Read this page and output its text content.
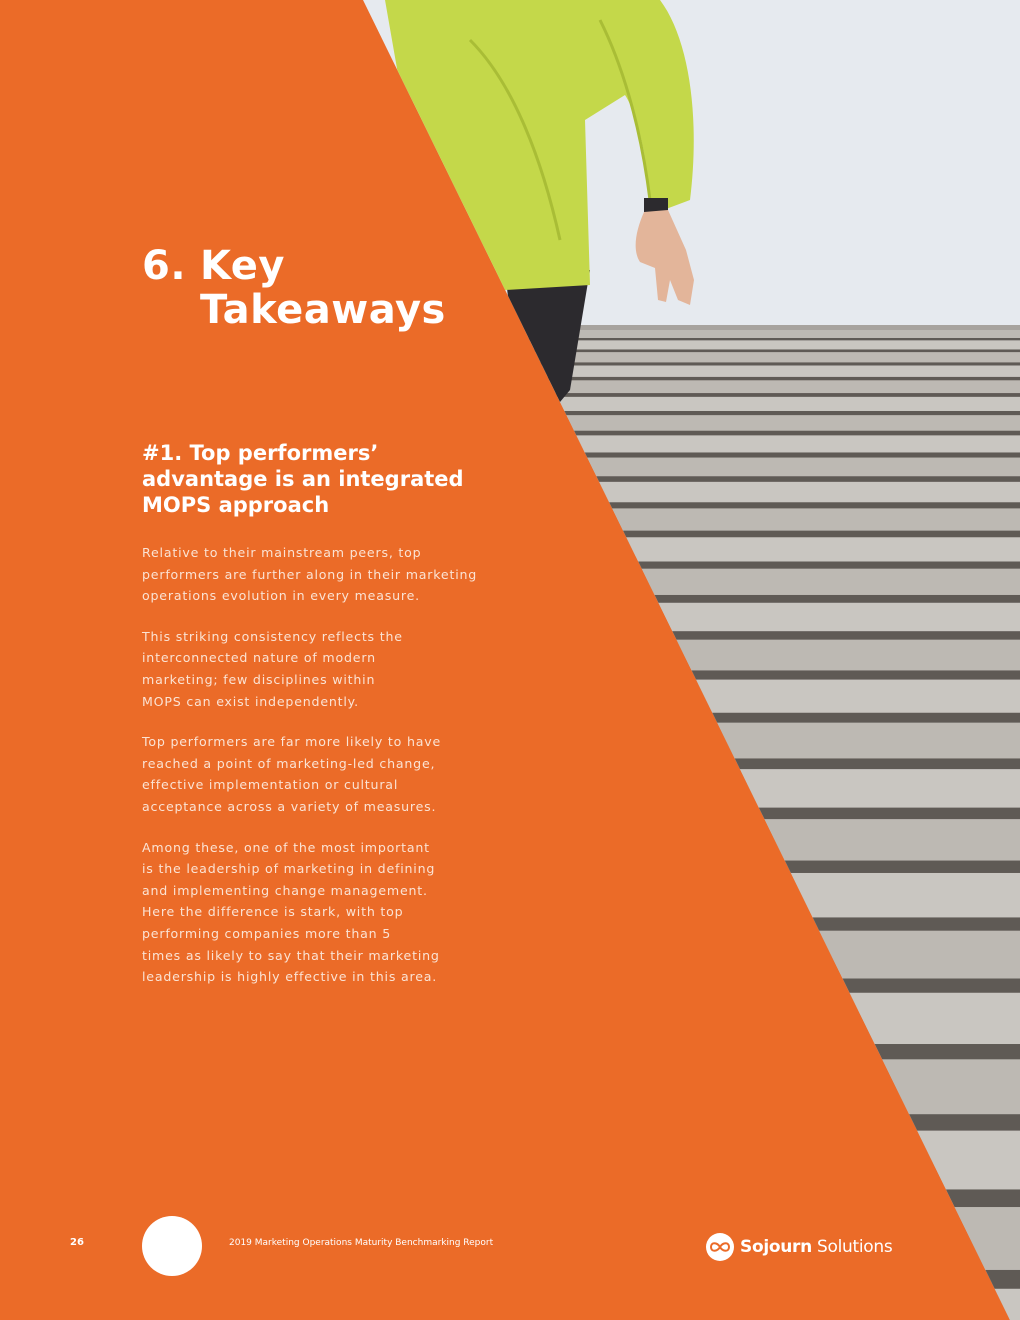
6. Key
Takeaways
#1. Top performers’
advantage is an integrated
MOPS approach

Relative to their mainstream peers, top
performers are further along in their marketing
operations evolution in every measure.

This striking consistency reflects the
interconnected nature of modern
marketing; few disciplines within
MOPS can exist independently.

Top performers are far more likely to have
reached a point of marketing-led change,
effective implementation or cultural
acceptance across a variety of measures.

Among these, one of the most important
is the leadership of marketing in defining
and implementing change management.
Here the difference is stark, with top
performing companies more than 5
times as likely to say that their marketing
leadership is highly effective in this area.

26	2019 Marketing Operations Maturity Benchmarking Report	Sojourn Solutions
